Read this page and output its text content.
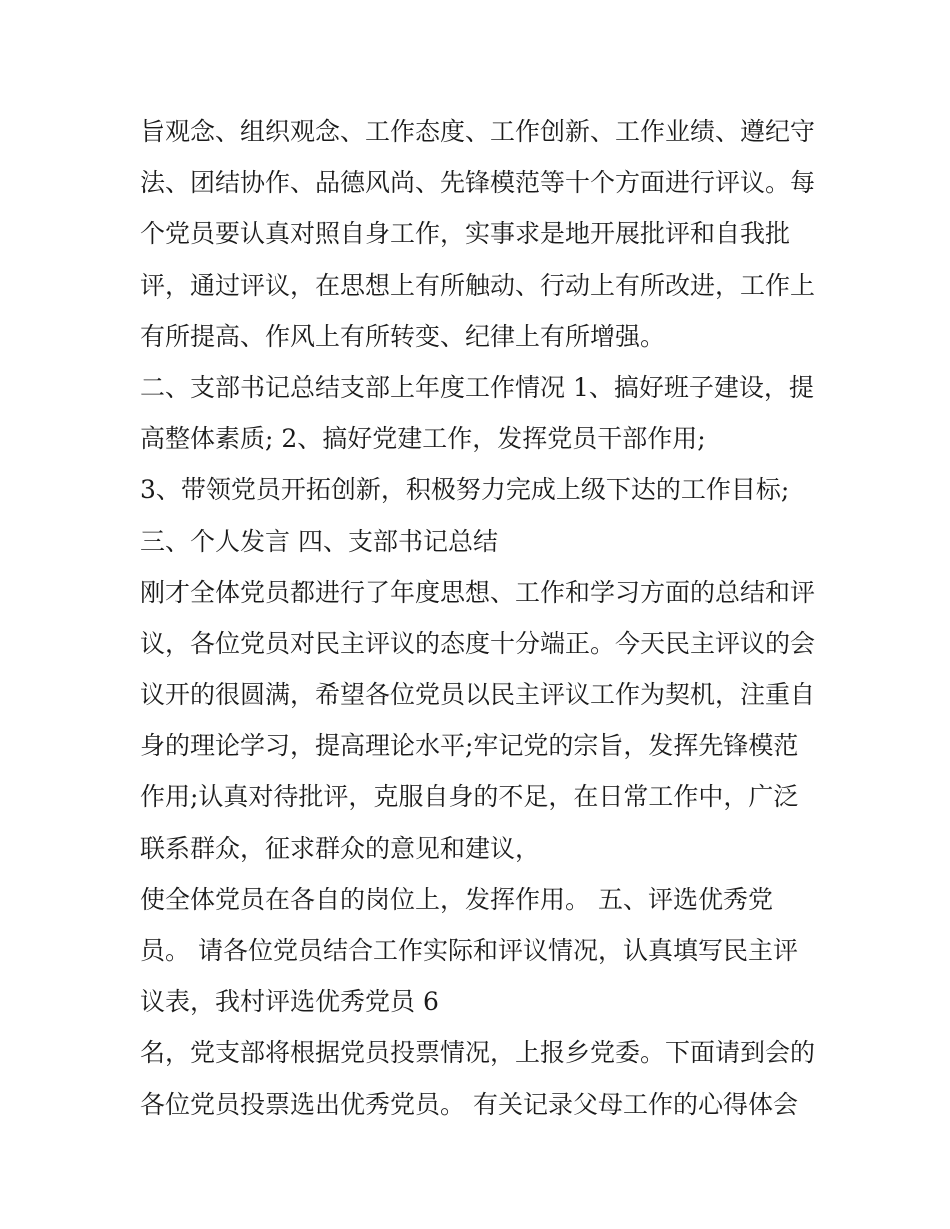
旨观念、组织观念、工作态度、工作创新、工作业绩、遵纪守
法、团结协作、品德风尚、先锋模范等十个方面进行评议。每
个党员要认真对照自身工作，实事求是地开展批评和自我批
评，通过评议，在思想上有所触动、行动上有所改进，工作上
有所提高、作风上有所转变、纪律上有所增强。
二、支部书记总结支部上年度工作情况 1、搞好班子建设，提
高整体素质; 2、搞好党建工作，发挥党员干部作用;
3、带领党员开拓创新，积极努力完成上级下达的工作目标;
三、个人发言 四、支部书记总结
刚才全体党员都进行了年度思想、工作和学习方面的总结和评
议，各位党员对民主评议的态度十分端正。今天民主评议的会
议开的很圆满，希望各位党员以民主评议工作为契机，注重自
身的理论学习，提高理论水平;牢记党的宗旨，发挥先锋模范
作用;认真对待批评，克服自身的不足，在日常工作中，广泛
联系群众，征求群众的意见和建议，
使全体党员在各自的岗位上，发挥作用。 五、评选优秀党
员。 请各位党员结合工作实际和评议情况，认真填写民主评
议表，我村评选优秀党员 6
名，党支部将根据党员投票情况，上报乡党委。下面请到会的
各位党员投票选出优秀党员。 有关记录父母工作的心得体会
